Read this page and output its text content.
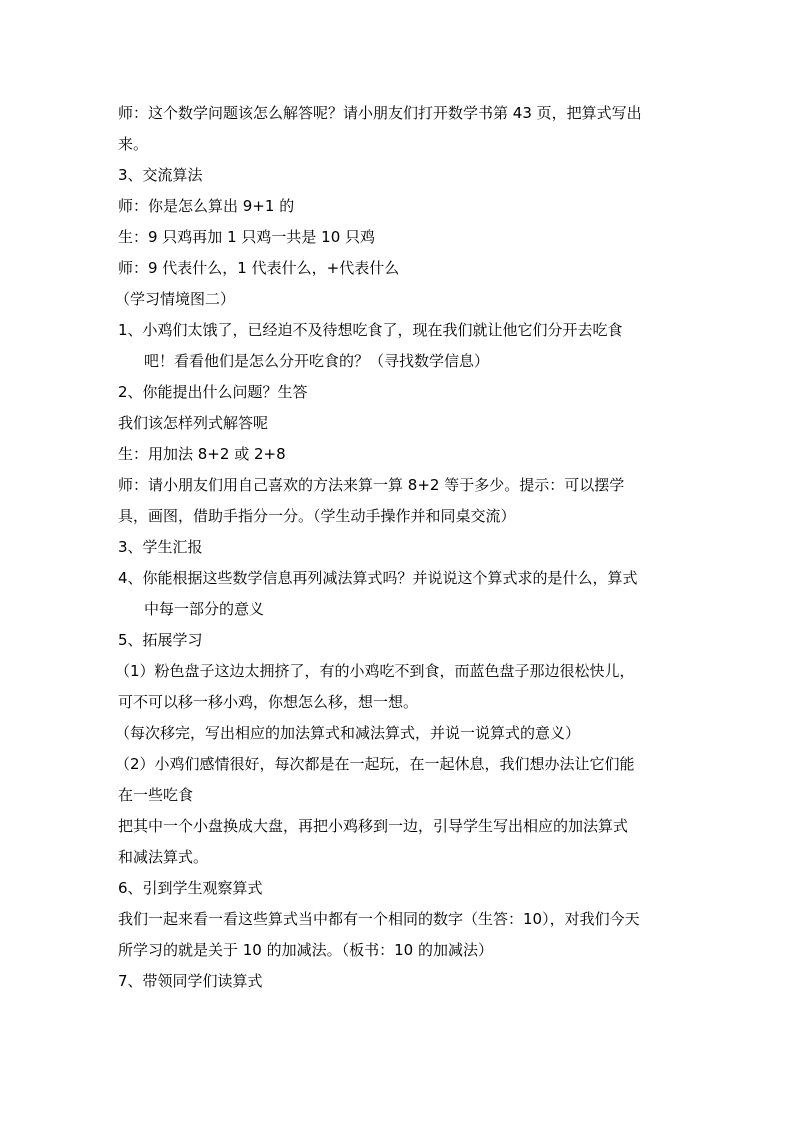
师：这个数学问题该怎么解答呢？请小朋友们打开数学书第 43 页，把算式写出
来。
3、交流算法
师：你是怎么算出 9+1 的
生：9 只鸡再加 1 只鸡一共是 10 只鸡
师：9 代表什么，1 代表什么，+代表什么
（学习情境图二）
1、小鸡们太饿了，已经迫不及待想吃食了，现在我们就让他它们分开去吃食
吧！看看他们是怎么分开吃食的？（寻找数学信息）
2、你能提出什么问题？生答
我们该怎样列式解答呢
生：用加法 8+2 或 2+8
师：请小朋友们用自己喜欢的方法来算一算 8+2 等于多少。提示：可以摆学
具，画图，借助手指分一分。（学生动手操作并和同桌交流）
3、学生汇报
4、你能根据这些数学信息再列减法算式吗？并说说这个算式求的是什么，算式
中每一部分的意义
5、拓展学习
（1）粉色盘子这边太拥挤了，有的小鸡吃不到食，而蓝色盘子那边很松快儿，
可不可以移一移小鸡，你想怎么移，想一想。
（每次移完，写出相应的加法算式和减法算式，并说一说算式的意义）
（2）小鸡们感情很好，每次都是在一起玩，在一起休息，我们想办法让它们能
在一些吃食
把其中一个小盘换成大盘，再把小鸡移到一边，引导学生写出相应的加法算式
和减法算式。
6、引到学生观察算式
我们一起来看一看这些算式当中都有一个相同的数字（生答：10），对我们今天
所学习的就是关于 10 的加减法。（板书：10 的加减法）
7、带领同学们读算式
